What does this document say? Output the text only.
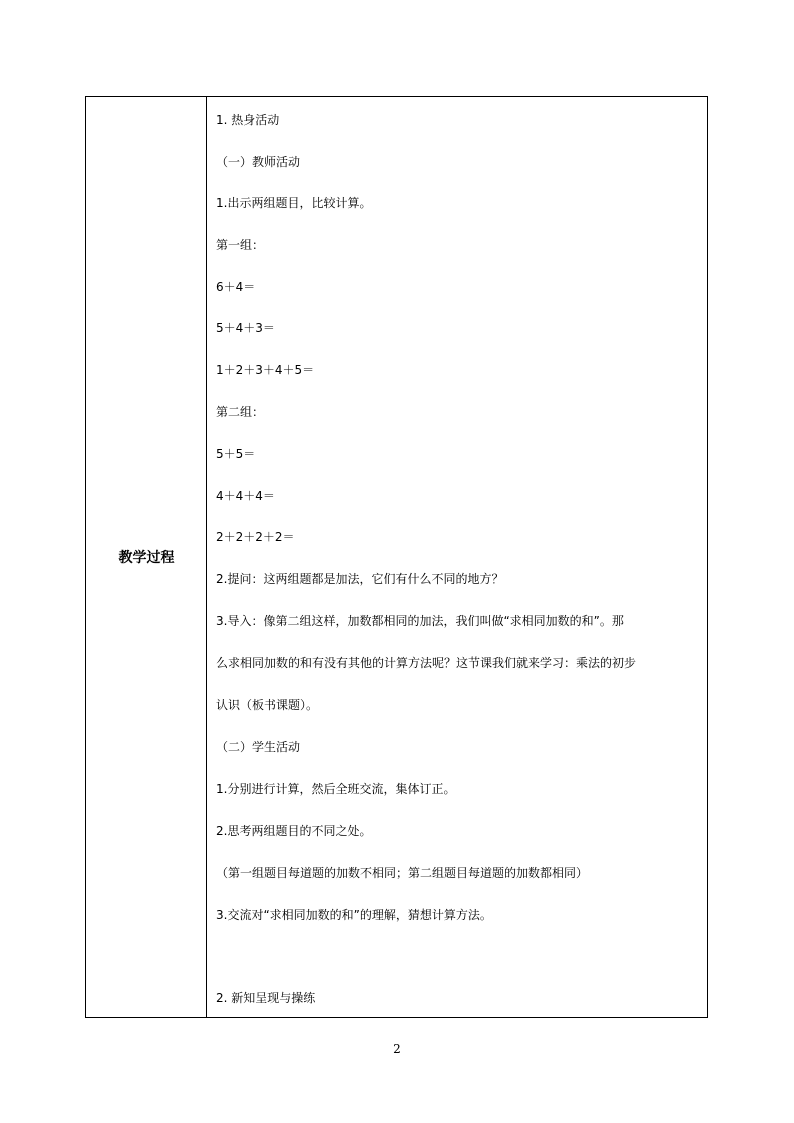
教学过程
1. 热身活动
（一）教师活动
1.出示两组题目，比较计算。
第一组：
6＋4＝
5＋4＋3＝
1＋2＋3＋4＋5＝
第二组：
5＋5＝
4＋4＋4＝
2＋2＋2＋2＝
2.提问：这两组题都是加法，它们有什么不同的地方？
3.导入：像第二组这样，加数都相同的加法，我们叫做“求相同加数的和”。那
么求相同加数的和有没有其他的计算方法呢？这节课我们就来学习：乘法的初步
认识（板书课题）。
（二）学生活动
1.分别进行计算，然后全班交流，集体订正。
2.思考两组题目的不同之处。
（第一组题目每道题的加数不相同；第二组题目每道题的加数都相同）
3.交流对“求相同加数的和”的理解，猜想计算方法。
2. 新知呈现与操练
2
